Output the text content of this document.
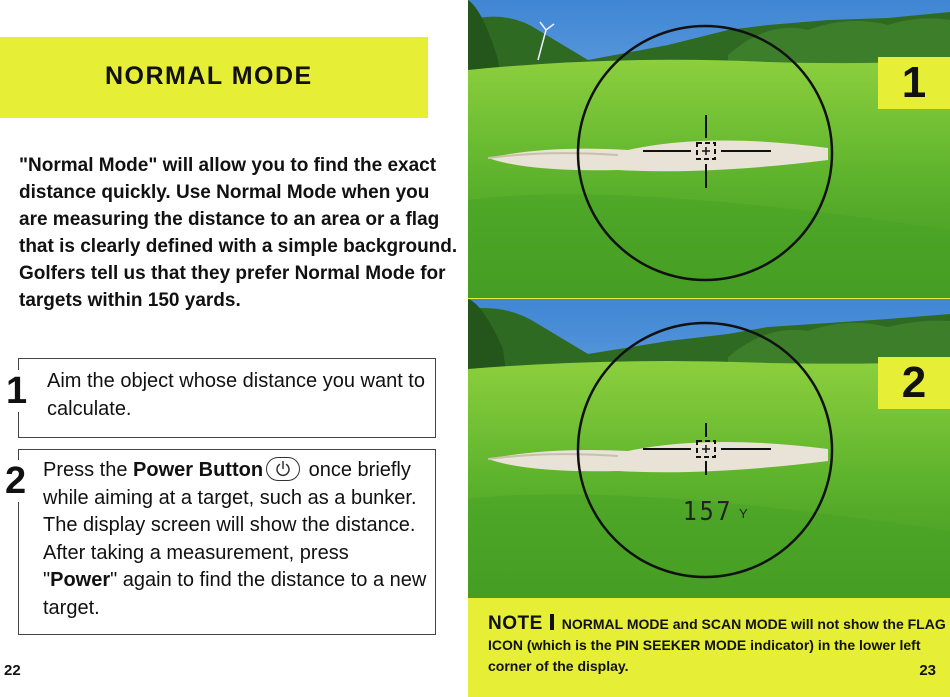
NORMAL MODE
"Normal Mode" will allow you to find the exact distance quickly. Use Normal Mode when you are measuring the distance to an area or a flag that is clearly defined with a simple background. Golfers tell us that they prefer Normal Mode for targets within 150 yards.
1 Aim the object whose distance you want to calculate.
2 Press the Power Button
once briefly while aiming at a target, such as a bunker. The display screen will show the distance. After taking a measurement, press "Power" again to find the distance to a new target.
22
1
157 Y
2
NOTE NORMAL MODE and SCAN MODE will not show the FLAG ICON (which is the PIN SEEKER MODE indicator) in the lower left corner of the display.	23
